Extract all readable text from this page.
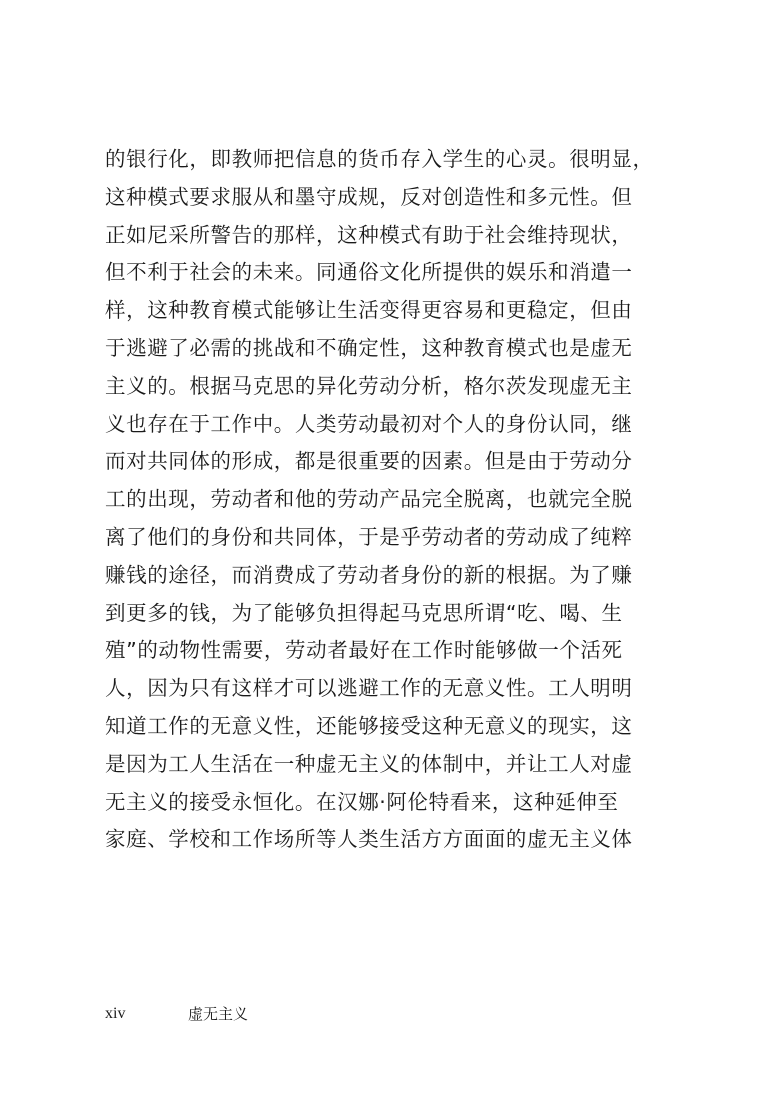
的银行化，即教师把信息的货币存入学生的心灵。很明显，
这种模式要求服从和墨守成规，反对创造性和多元性。但
正如尼采所警告的那样，这种模式有助于社会维持现状，
但不利于社会的未来。同通俗文化所提供的娱乐和消遣一
样，这种教育模式能够让生活变得更容易和更稳定，但由
于逃避了必需的挑战和不确定性，这种教育模式也是虚无
主义的。根据马克思的异化劳动分析，格尔茨发现虚无主
义也存在于工作中。人类劳动最初对个人的身份认同，继
而对共同体的形成，都是很重要的因素。但是由于劳动分
工的出现，劳动者和他的劳动产品完全脱离，也就完全脱
离了他们的身份和共同体，于是乎劳动者的劳动成了纯粹
赚钱的途径，而消费成了劳动者身份的新的根据。为了赚
到更多的钱，为了能够负担得起马克思所谓“吃、喝、生
殖”的动物性需要，劳动者最好在工作时能够做一个活死
人，因为只有这样才可以逃避工作的无意义性。工人明明
知道工作的无意义性，还能够接受这种无意义的现实，这
是因为工人生活在一种虚无主义的体制中，并让工人对虚
无主义的接受永恒化。在汉娜·阿伦特看来，这种延伸至
家庭、学校和工作场所等人类生活方方面面的虚无主义体
xiv	虚无主义
